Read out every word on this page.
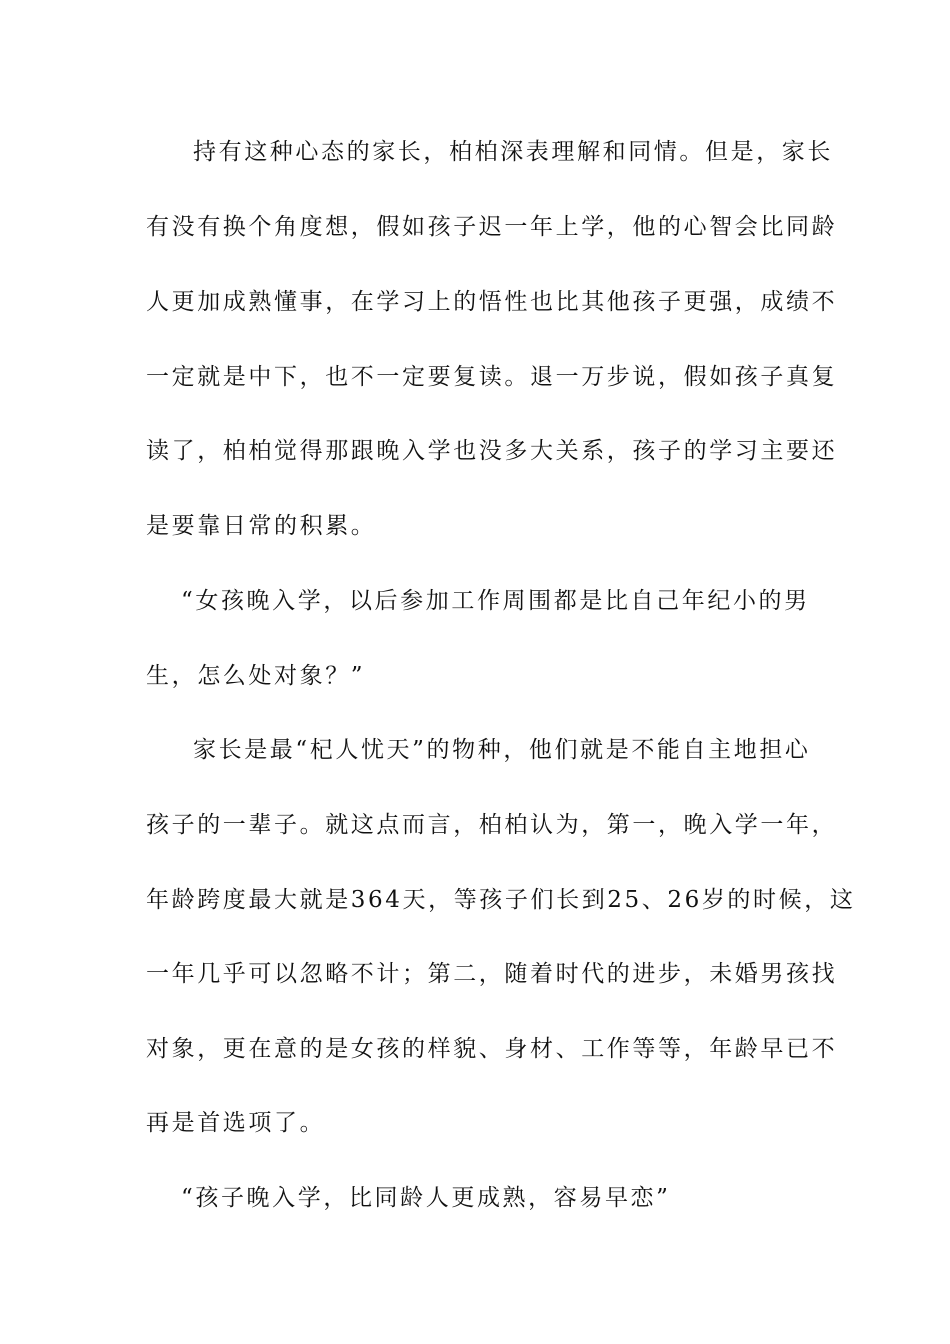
持有这种心态的家长，柏柏深表理解和同情。但是，家长
有没有换个角度想，假如孩子迟一年上学，他的心智会比同龄
人更加成熟懂事，在学习上的悟性也比其他孩子更强，成绩不
一定就是中下，也不一定要复读。退一万步说，假如孩子真复
读了，柏柏觉得那跟晚入学也没多大关系，孩子的学习主要还
是要靠日常的积累。
“女孩晚入学，以后参加工作周围都是比自己年纪小的男
生，怎么处对象？”
家长是最“杞人忧天”的物种，他们就是不能自主地担心
孩子的一辈子。就这点而言，柏柏认为，第一，晚入学一年，
年龄跨度最大就是364天，等孩子们长到25、26岁的时候，这
一年几乎可以忽略不计；第二，随着时代的进步，未婚男孩找
对象，更在意的是女孩的样貌、身材、工作等等，年龄早已不
再是首选项了。
“孩子晚入学，比同龄人更成熟，容易早恋”
